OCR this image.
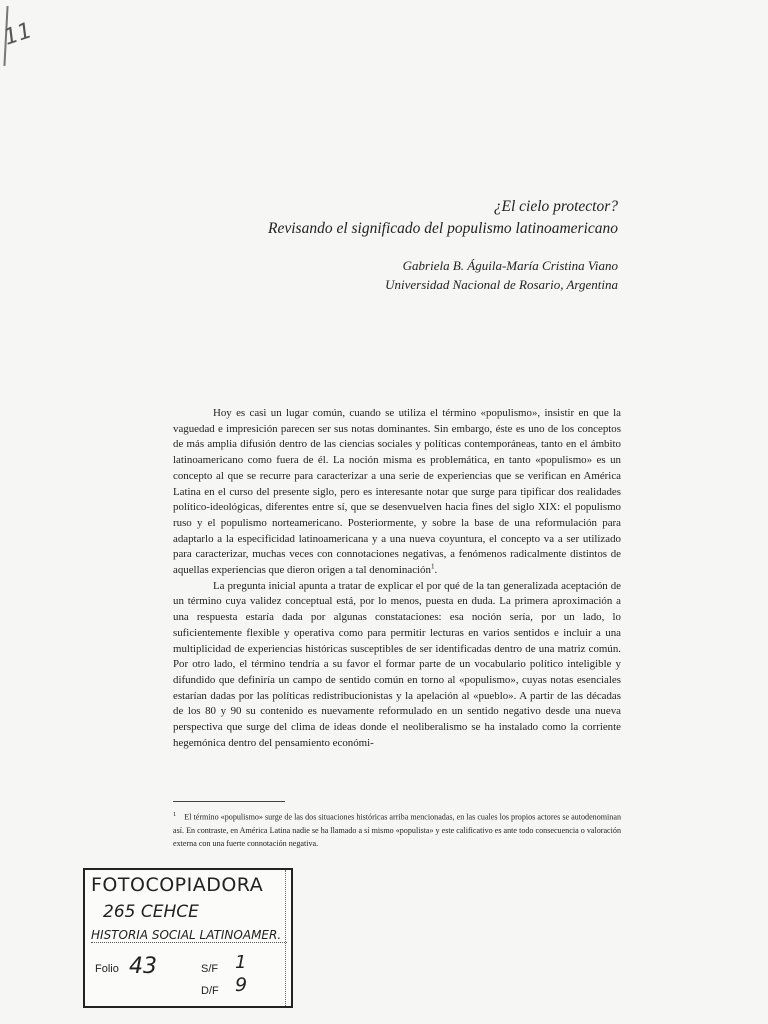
11
¿El cielo protector?
Revisando el significado del populismo latinoamericano
Gabriela B. Águila-María Cristina Viano
Universidad Nacional de Rosario, Argentina

Hoy es casi un lugar común, cuando se utiliza el término «populismo», insistir en que la vaguedad e impresición parecen ser sus notas dominantes. Sin embargo, éste es uno de los conceptos de más amplia difusión dentro de las ciencias sociales y políticas contemporáneas, tanto en el ámbito latinoamericano como fuera de él. La noción misma es problemática, en tanto «populismo» es un concepto al que se recurre para caracterizar a una serie de experiencias que se verifican en América Latina en el curso del presente siglo, pero es interesante notar que surge para tipificar dos realidades político-ideológicas, diferentes entre sí, que se desenvuelven hacia fines del siglo XIX: el populismo ruso y el populismo norteamericano. Posteriormente, y sobre la base de una reformulación para adaptarlo a la especificidad latinoamericana y a una nueva coyuntura, el concepto va a ser utilizado para caracterizar, muchas veces con connotaciones negativas, a fenómenos radicalmente distintos de aquellas experiencias que dieron origen a tal denominación$^1$.

La pregunta inicial apunta a tratar de explicar el por qué de la tan generalizada aceptación de un término cuya validez conceptual está, por lo menos, puesta en duda. La primera aproximación a una respuesta estaría dada por algunas constataciones: esa noción sería, por un lado, lo suficientemente flexible y operativa como para permitir lecturas en varios sentidos e incluir a una multiplicidad de experiencias históricas susceptibles de ser identificadas dentro de una matriz común. Por otro lado, el término tendría a su favor el formar parte de un vocabulario político inteligible y difundido que definiría un campo de sentido común en torno al «populismo», cuyas notas esenciales estarían dadas por las políticas redistribucionistas y la apelación al «pueblo». A partir de las décadas de los 80 y 90 su contenido es nuevamente reformulado en un sentido negativo desde una nueva perspectiva que surge del clima de ideas donde el neoliberalismo se ha instalado como la corriente hegemónica dentro del pensamiento económi-

$^1$ El término «populismo» surge de las dos situaciones históricas arriba mencionadas, en las cuales los propios actores se autodenominan así. En contraste, en América Latina nadie se ha llamado a sí mismo «populista» y este calificativo es ante todo consecuencia o valoración externa con una fuerte connotación negativa.
FOTOCOPIADORA
265 CEHCE
HISTORIA SOCIAL LATINOAMER.
Folio 43	S/F 1
D/F 9
